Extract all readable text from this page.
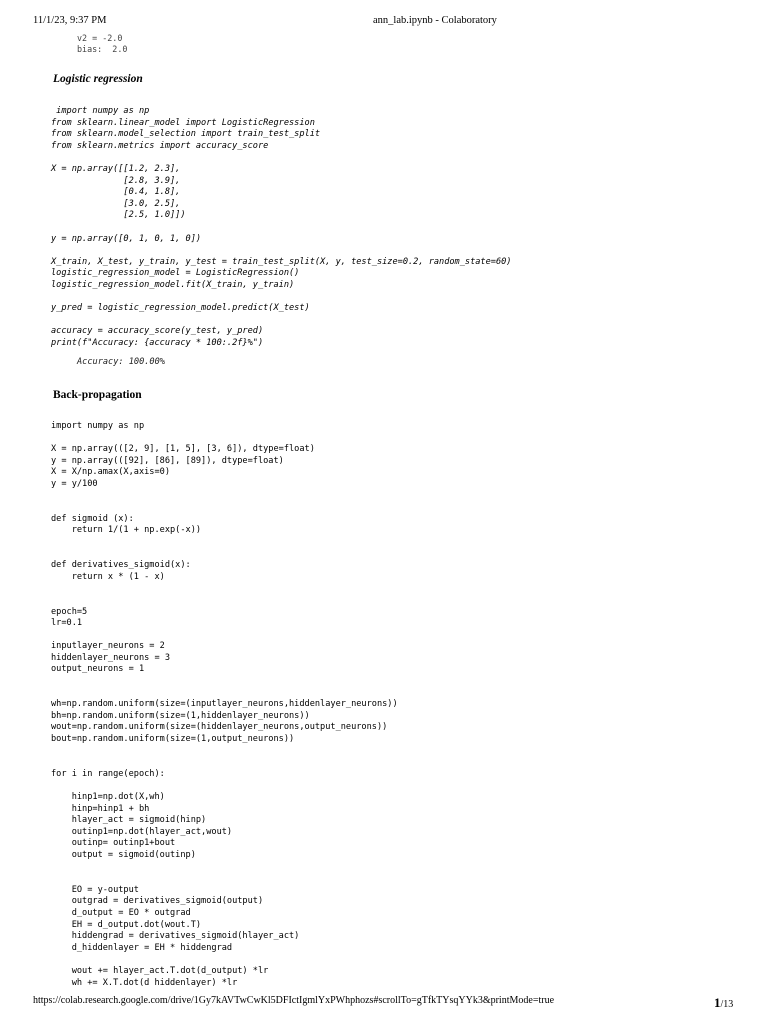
11/1/23, 9:37 PM	ann_lab.ipynb - Colaboratory
v2 = -2.0
bias:  2.0
Logistic regression
import numpy as np
from sklearn.linear_model import LogisticRegression
from sklearn.model_selection import train_test_split
from sklearn.metrics import accuracy_score

X = np.array([[1.2, 2.3],
[2.8, 3.9],
[0.4, 1.8],
[3.0, 2.5],
[2.5, 1.0]])

y = np.array([0, 1, 0, 1, 0])

X_train, X_test, y_train, y_test = train_test_split(X, y, test_size=0.2, random_state=60)
logistic_regression_model = LogisticRegression()
logistic_regression_model.fit(X_train, y_train)

y_pred = logistic_regression_model.predict(X_test)

accuracy = accuracy_score(y_test, y_pred)
print(f"Accuracy: {accuracy * 100:.2f}%")
Accuracy: 100.00%
Back-propagation
import numpy as np

X = np.array(([2, 9], [1, 5], [3, 6]), dtype=float)
y = np.array(([92], [86], [89]), dtype=float)
X = X/np.amax(X,axis=0)
y = y/100

def sigmoid (x):
return 1/(1 + np.exp(-x))

def derivatives_sigmoid(x):
return x * (1 - x)

epoch=5
lr=0.1

inputlayer_neurons = 2
hiddenlayer_neurons = 3
output_neurons = 1

wh=np.random.uniform(size=(inputlayer_neurons,hiddenlayer_neurons))
bh=np.random.uniform(size=(1,hiddenlayer_neurons))
wout=np.random.uniform(size=(hiddenlayer_neurons,output_neurons))
bout=np.random.uniform(size=(1,output_neurons))

for i in range(epoch):

hinp1=np.dot(X,wh)
hinp=hinp1 + bh
hlayer_act = sigmoid(hinp)
outinp1=np.dot(hlayer_act,wout)
outinp= outinp1+bout
output = sigmoid(outinp)

EO = y-output
outgrad = derivatives_sigmoid(output)
d_output = EO * outgrad
EH = d_output.dot(wout.T)
hiddengrad = derivatives_sigmoid(hlayer_act)
d_hiddenlayer = EH * hiddengrad

wout += hlayer_act.T.dot(d_output) *lr
wh += X.T.dot(d hiddenlayer) *lr
https://colab.research.google.com/drive/1Gy7kAVTwCwKl5DFIctIgmlYxPWhphozs#scrollTo=gTfkTYsqYYk3&printMode=true	1/13
